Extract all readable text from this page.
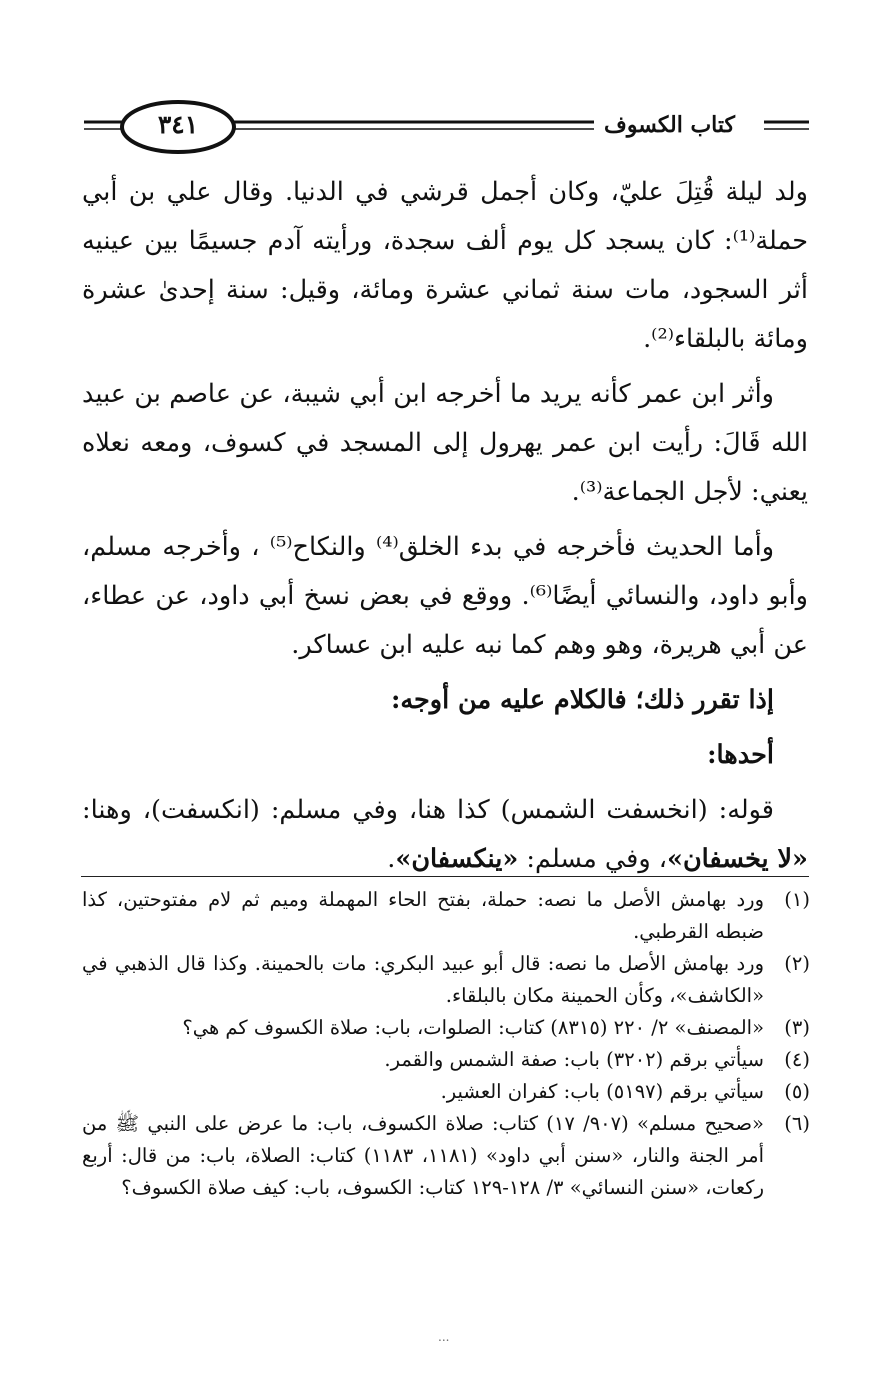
كتاب الكسوف
٣٤١

ولد ليلة قُتِلَ عليّ، وكان أجمل قرشي في الدنيا. وقال علي بن أبي حملة⁽¹⁾: كان يسجد كل يوم ألف سجدة، ورأيته آدم جسيمًا بين عينيه أثر السجود، مات سنة ثماني عشرة ومائة، وقيل: سنة إحدىٰ عشرة ومائة بالبلقاء⁽²⁾.

وأثر ابن عمر كأنه يريد ما أخرجه ابن أبي شيبة، عن عاصم بن عبيد الله قَالَ: رأيت ابن عمر يهرول إلى المسجد في كسوف، ومعه نعلاه يعني: لأجل الجماعة⁽³⁾.

وأما الحديث فأخرجه في بدء الخلق⁽⁴⁾ والنكاح⁽⁵⁾ ، وأخرجه مسلم، وأبو داود، والنسائي أيضًا⁽⁶⁾. ووقع في بعض نسخ أبي داود، عن عطاء، عن أبي هريرة، وهو وهم كما نبه عليه ابن عساكر.

إذا تقرر ذلك؛ فالكلام عليه من أوجه:

أحدها:

قوله: (انخسفت الشمس) كذا هنا، وفي مسلم: (انكسفت)، وهنا: «لا يخسفان»، وفي مسلم: «ينكسفان».

(١)
ورد بهامش الأصل ما نصه: حملة، بفتح الحاء المهملة وميم ثم لام مفتوحتين، كذا ضبطه القرطبي.

(٢)
ورد بهامش الأصل ما نصه: قال أبو عبيد البكري: مات بالحمينة. وكذا قال الذهبي في «الكاشف»، وكأن الحمينة مكان بالبلقاء.

(٣)
«المصنف» ٢/ ٢٢٠ (٨٣١٥) كتاب: الصلوات، باب: صلاة الكسوف كم هي؟

(٤)
سيأتي برقم (٣٢٠٢) باب: صفة الشمس والقمر.

(٥)
سيأتي برقم (٥١٩٧) باب: كفران العشير.

(٦)
«صحيح مسلم» (٩٠٧/ ١٧) كتاب: صلاة الكسوف، باب: ما عرض على النبي ﷺ من أمر الجنة والنار، «سنن أبي داود» (١١٨١، ١١٨٣) كتاب: الصلاة، باب: من قال: أربع ركعات، «سنن النسائي» ٣/ ١٢٨-١٢٩ كتاب: الكسوف، باب: كيف صلاة الكسوف؟

...
